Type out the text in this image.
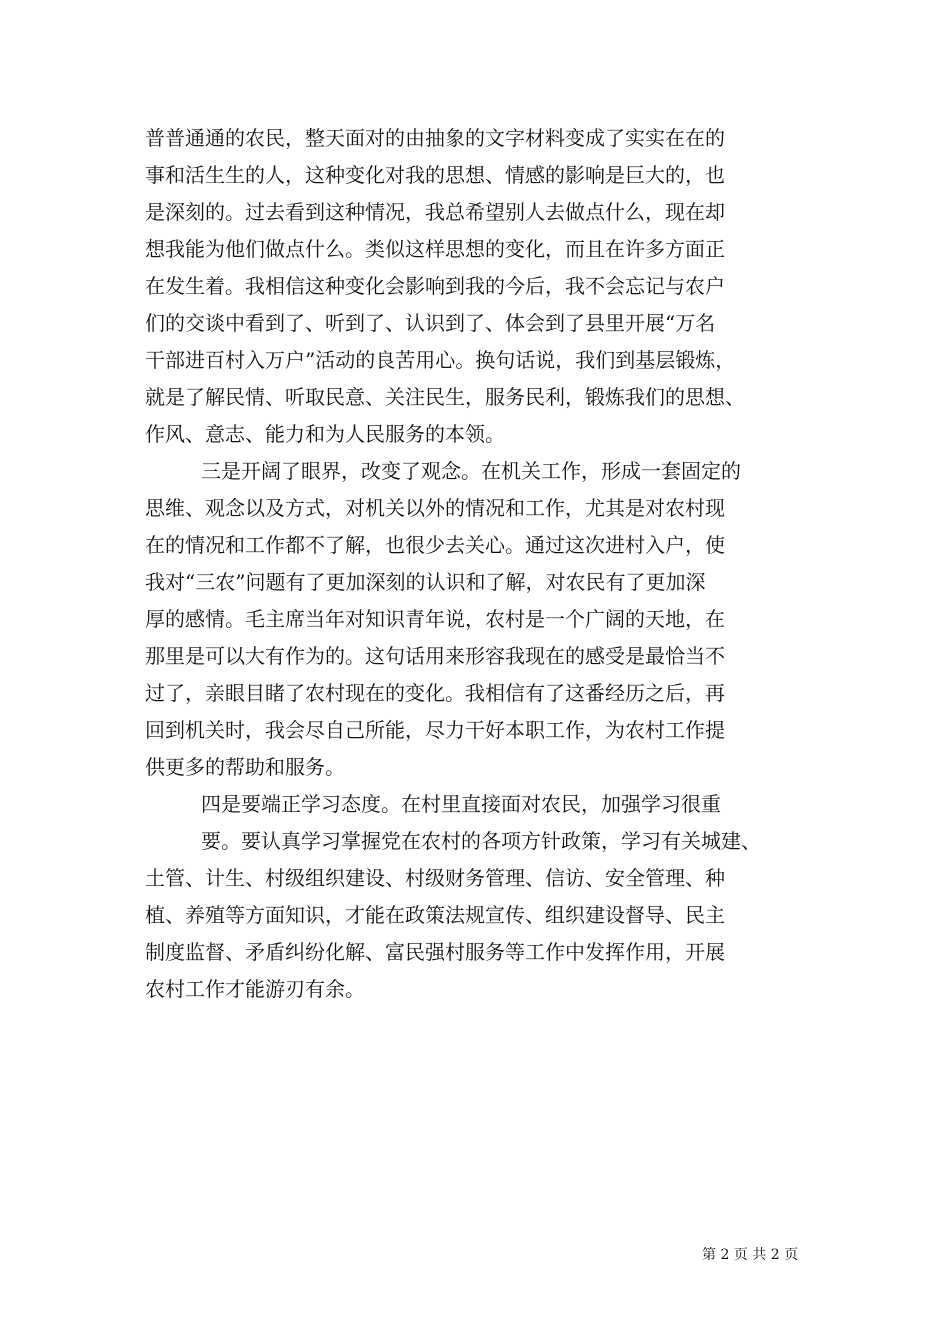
普普通通的农民，整天面对的由抽象的文字材料变成了实实在在的
事和活生生的人，这种变化对我的思想、情感的影响是巨大的，也
是深刻的。过去看到这种情况，我总希望别人去做点什么，现在却
想我能为他们做点什么。类似这样思想的变化，而且在许多方面正
在发生着。我相信这种变化会影响到我的今后，我不会忘记与农户
们的交谈中看到了、听到了、认识到了、体会到了县里开展“万名
干部进百村入万户”活动的良苦用心。换句话说，我们到基层锻炼，
就是了解民情、听取民意、关注民生，服务民利，锻炼我们的思想、
作风、意志、能力和为人民服务的本领。
三是开阔了眼界，改变了观念。在机关工作，形成一套固定的
思维、观念以及方式，对机关以外的情况和工作，尤其是对农村现
在的情况和工作都不了解，也很少去关心。通过这次进村入户，使
我对“三农”问题有了更加深刻的认识和了解，对农民有了更加深
厚的感情。毛主席当年对知识青年说，农村是一个广阔的天地，在
那里是可以大有作为的。这句话用来形容我现在的感受是最恰当不
过了，亲眼目睹了农村现在的变化。我相信有了这番经历之后，再
回到机关时，我会尽自己所能，尽力干好本职工作，为农村工作提
供更多的帮助和服务。
四是要端正学习态度。在村里直接面对农民，加强学习很重
要。要认真学习掌握党在农村的各项方针政策，学习有关城建、
土管、计生、村级组织建设、村级财务管理、信访、安全管理、种
植、养殖等方面知识，才能在政策法规宣传、组织建设督导、民主
制度监督、矛盾纠纷化解、富民强村服务等工作中发挥作用，开展
农村工作才能游刃有余。
第 2 页 共 2 页
